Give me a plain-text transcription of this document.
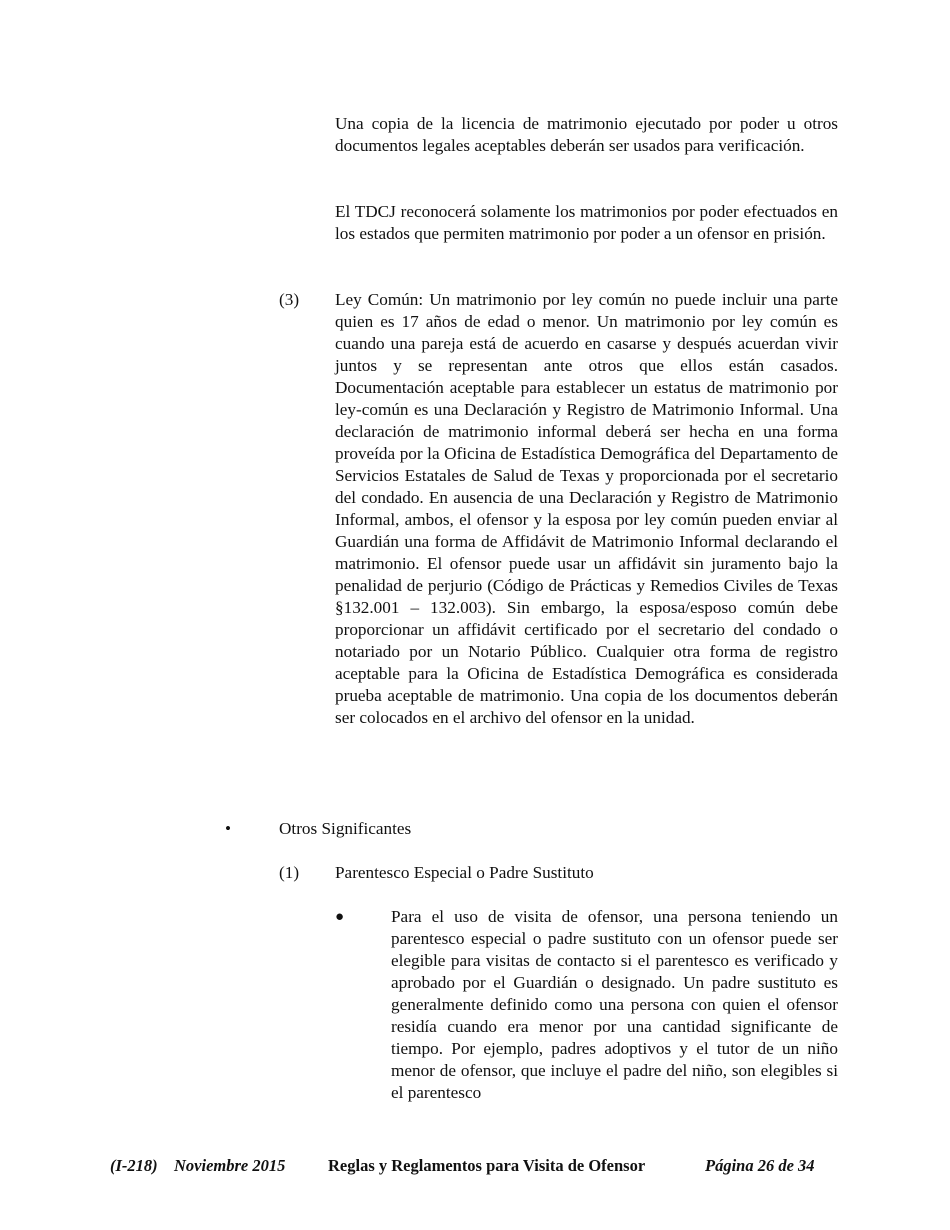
Una copia de la licencia de matrimonio ejecutado por poder u otros documentos legales aceptables deberán ser usados para verificación.

El TDCJ reconocerá solamente los matrimonios por poder efectuados en los estados que permiten matrimonio por poder a un ofensor en prisión.

(3) Ley Común: Un matrimonio por ley común no puede incluir una parte quien es 17 años de edad o menor. Un matrimonio por ley común es cuando una pareja está de acuerdo en casarse y después acuerdan vivir juntos y se representan ante otros que ellos están casados. Documentación aceptable para establecer un estatus de matrimonio por ley-común es una Declaración y Registro de Matrimonio Informal. Una declaración de matrimonio informal deberá ser hecha en una forma proveída por la Oficina de Estadística Demográfica del Departamento de Servicios Estatales de Salud de Texas y proporcionada por el secretario del condado. En ausencia de una Declaración y Registro de Matrimonio Informal, ambos, el ofensor y la esposa por ley común pueden enviar al Guardián una forma de Affidávit de Matrimonio Informal declarando el matrimonio. El ofensor puede usar un affidávit sin juramento bajo la penalidad de perjurio (Código de Prácticas y Remedios Civiles de Texas §132.001 – 132.003). Sin embargo, la esposa/esposo común debe proporcionar un affidávit certificado por el secretario del condado o notariado por un Notario Público. Cualquier otra forma de registro aceptable para la Oficina de Estadística Demográfica es considerada prueba aceptable de matrimonio. Una copia de los documentos deberán ser colocados en el archivo del ofensor en la unidad.

•	Otros Significantes

(1) Parentesco Especial o Padre Sustituto

●	Para el uso de visita de ofensor, una persona teniendo un parentesco especial o padre sustituto con un ofensor puede ser elegible para visitas de contacto si el parentesco es verificado y aprobado por el Guardián o designado. Un padre sustituto es generalmente definido como una persona con quien el ofensor residía cuando era menor por una cantidad significante de tiempo. Por ejemplo, padres adoptivos y el tutor de un niño menor de ofensor, que incluye el padre del niño, son elegibles si el parentesco

(I-218) Noviembre 2015	Reglas y Reglamentos para Visita de Ofensor	Página 26 de 34
